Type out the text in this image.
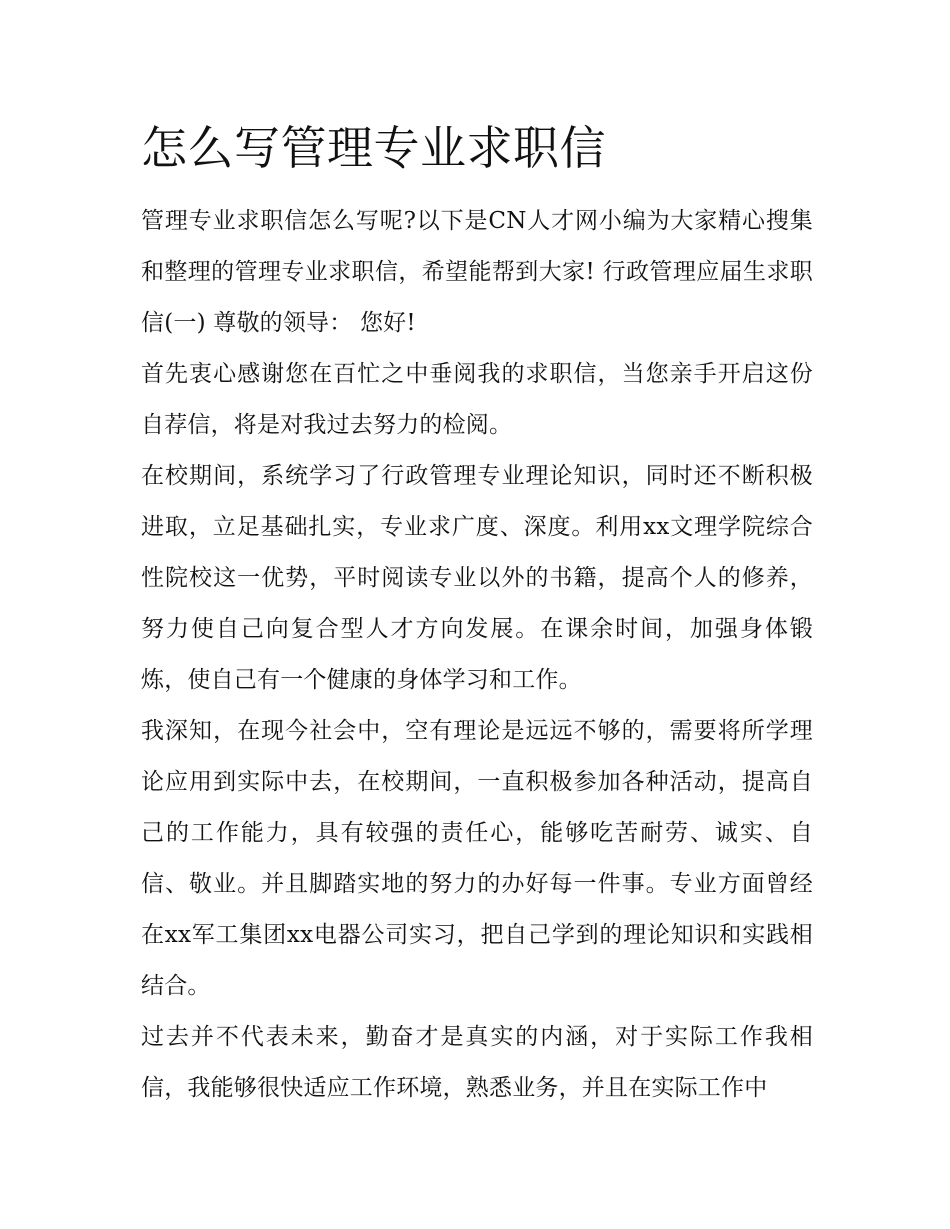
怎么写管理专业求职信

管理专业求职信怎么写呢?以下是CN人才网小编为大家精心搜集和整理的管理专业求职信，希望能帮到大家! 行政管理应届生求职信(一) 尊敬的领导： 您好!

首先衷心感谢您在百忙之中垂阅我的求职信，当您亲手开启这份自荐信，将是对我过去努力的检阅。

在校期间，系统学习了行政管理专业理论知识，同时还不断积极进取，立足基础扎实，专业求广度、深度。利用xx文理学院综合性院校这一优势，平时阅读专业以外的书籍，提高个人的修养，努力使自己向复合型人才方向发展。在课余时间，加强身体锻炼，使自己有一个健康的身体学习和工作。

我深知，在现今社会中，空有理论是远远不够的，需要将所学理论应用到实际中去，在校期间，一直积极参加各种活动，提高自己的工作能力，具有较强的责任心，能够吃苦耐劳、诚实、自信、敬业。并且脚踏实地的努力的办好每一件事。专业方面曾经在xx军工集团xx电器公司实习，把自己学到的理论知识和实践相结合。

过去并不代表未来，勤奋才是真实的内涵，对于实际工作我相信，我能够很快适应工作环境，熟悉业务，并且在实际工作中
